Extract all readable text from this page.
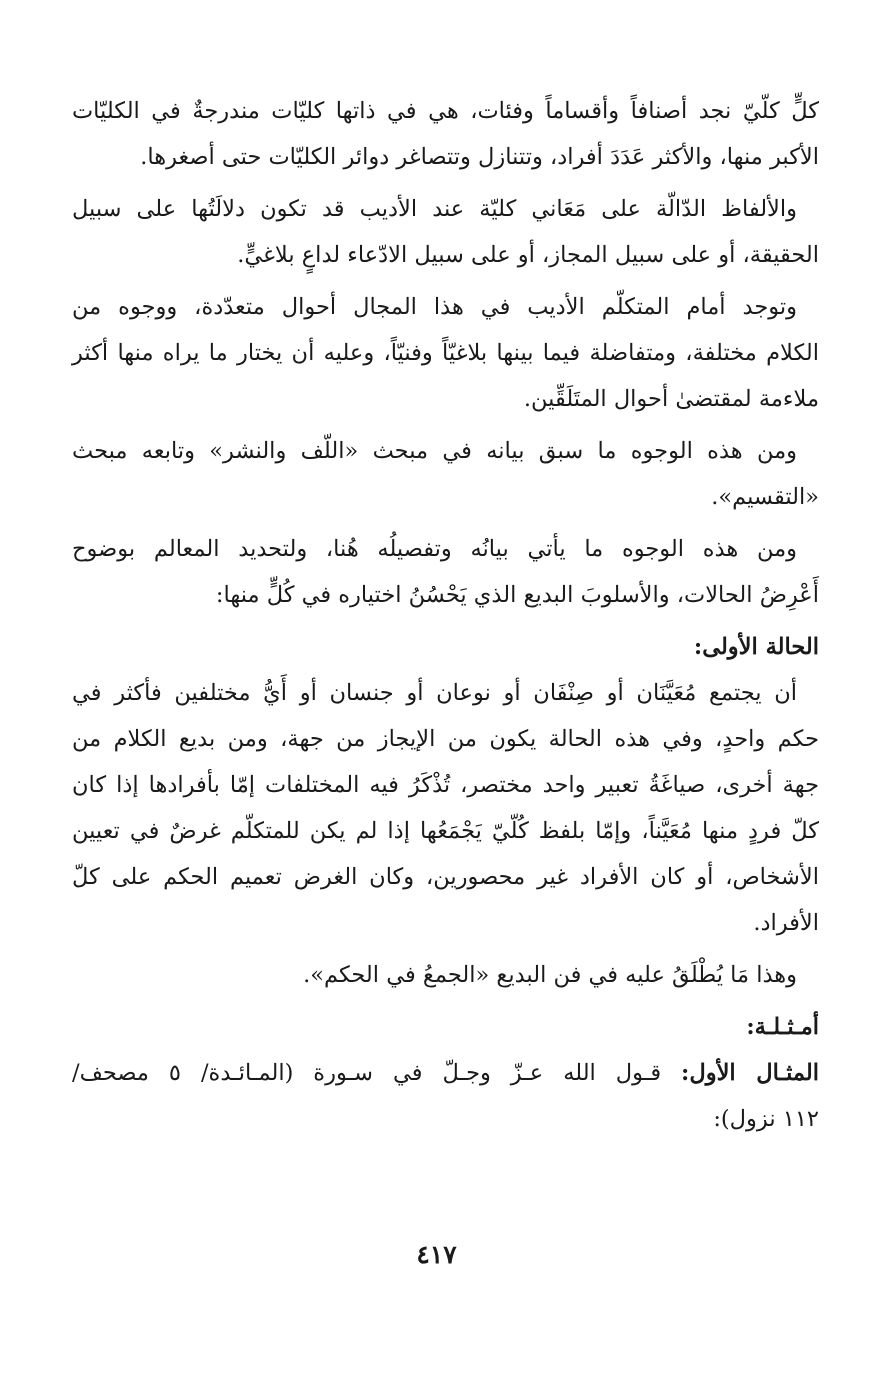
كلٍّ كلّيّ نجد أصنافاً وأقساماً وفئات، هي في ذاتها كليّات مندرجةٌ في الكليّات
الأكبر منها، والأكثر عَدَدَ أفراد، وتتنازل وتتصاغر دوائر الكليّات حتى أصغرها.
والألفاظ الدّالّة على مَعَاني كليّة عند الأديب قد تكون دلالَتُها على سبيل
الحقيقة، أو على سبيل المجاز، أو على سبيل الادّعاء لداعٍ بلاغيٍّ.
وتوجد أمام المتكلّم الأديب في هذا المجال أحوال متعدّدة، ووجوه من
الكلام مختلفة، ومتفاضلة فيما بينها بلاغيّاً وفنيّاً، وعليه أن يختار ما يراه منها أكثر
ملاءمة لمقتضىٰ أحوال المتَلَقِّين.
ومن هذه الوجوه ما سبق بيانه في مبحث «اللّف والنشر» وتابعه مبحث
«التقسيم».
ومن هذه الوجوه ما يأتي بيانُه وتفصيلُه هُنا، ولتحديد المعالم بوضوح
أَعْرِضُ الحالات، والأسلوبَ البديع الذي يَحْسُنُ اختياره في كُلٍّ منها:
الحالة الأولى:
أن يجتمع مُعَيَّنَان أو صِنْفَان أو نوعان أو جنسان أو أَيُّ مختلفين فأكثر في
حكم واحدٍ، وفي هذه الحالة يكون من الإيجاز من جهة، ومن بديع الكلام من
جهة أخرى، صياغَةُ تعبير واحد مختصر، تُذْكَرُ فيه المختلفات إمّا بأفرادها إذا كان
كلّ فردٍ منها مُعَيَّناً، وإمّا بلفظ كُلّيّ يَجْمَعُها إذا لم يكن للمتكلّم غرضٌ في تعيين
الأشخاص، أو كان الأفراد غير محصورين، وكان الغرض تعميم الحكم على كلّ
الأفراد.
وهذا مَا يُطْلَقُ عليه في فن البديع «الجمعُ في الحكم».
أمـثـلـة:
المثـال الأول: قـول الله عـزّ وجـلّ في سـورة (المـائـدة/ ٥ مصحف/
١١٢ نزول):
٤١٧
